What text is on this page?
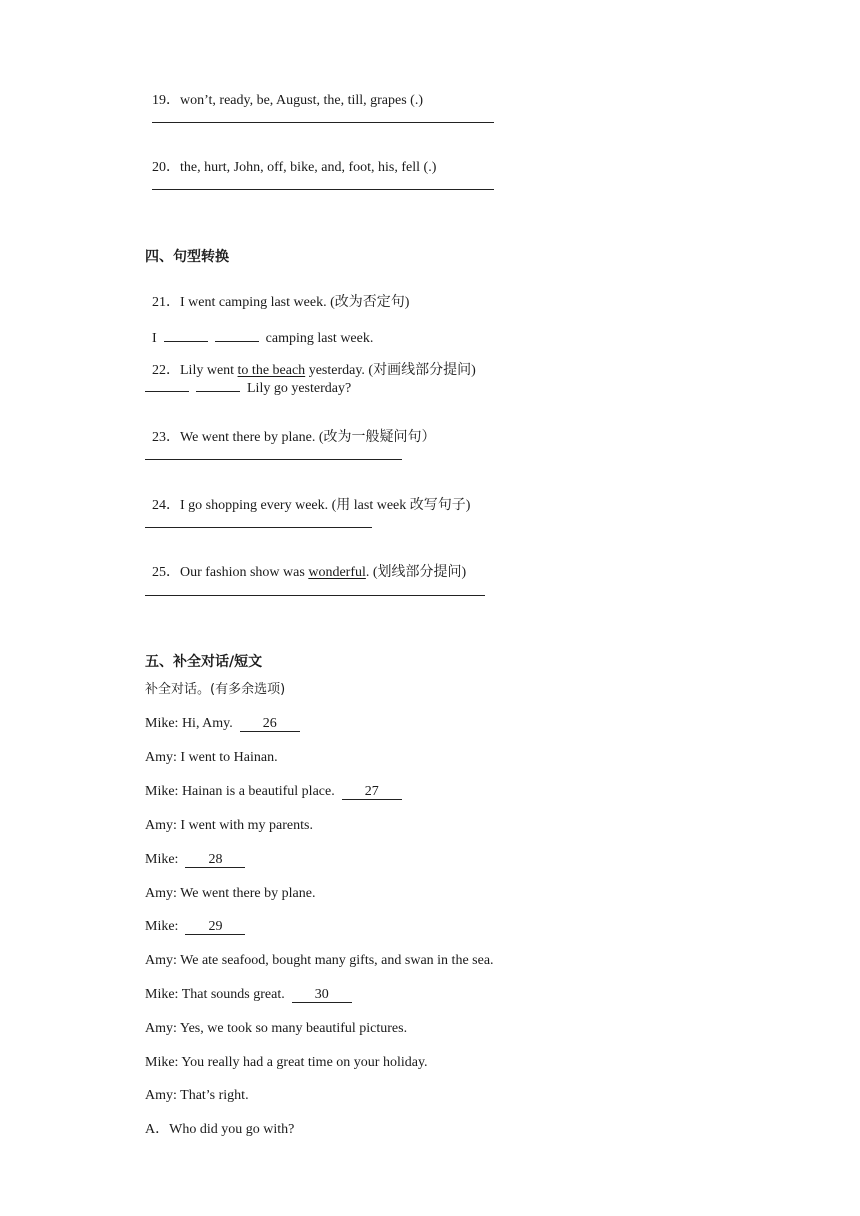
19．won’t, ready, be, August, the, till, grapes (.)

20．the, hurt, John, off, bike, and, foot, his, fell (.)

四、句型转换

21．I went camping last week. (改为否定句)

I	camping last week.

22．Lily went to the beach yesterday. (对画线部分提问)

Lily go yesterday?

23．We went there by plane. (改为一般疑问句）

24．I go shopping every week. (用 last week 改写句子)

25．Our fashion show was wonderful. (划线部分提问)

五、补全对话/短文
补全对话。(有多余选项)
Mike: Hi, Amy.  26
Amy: I went to Hainan.
Mike: Hainan is a beautiful place.  27
Amy: I went with my parents.
Mike:  28
Amy: We went there by plane.
Mike:  29
Amy: We ate seafood, bought many gifts, and swan in the sea.
Mike: That sounds great.  30
Amy: Yes, we took so many beautiful pictures.
Mike: You really had a great time on your holiday.
Amy: That’s right.
A．Who did you go with?
